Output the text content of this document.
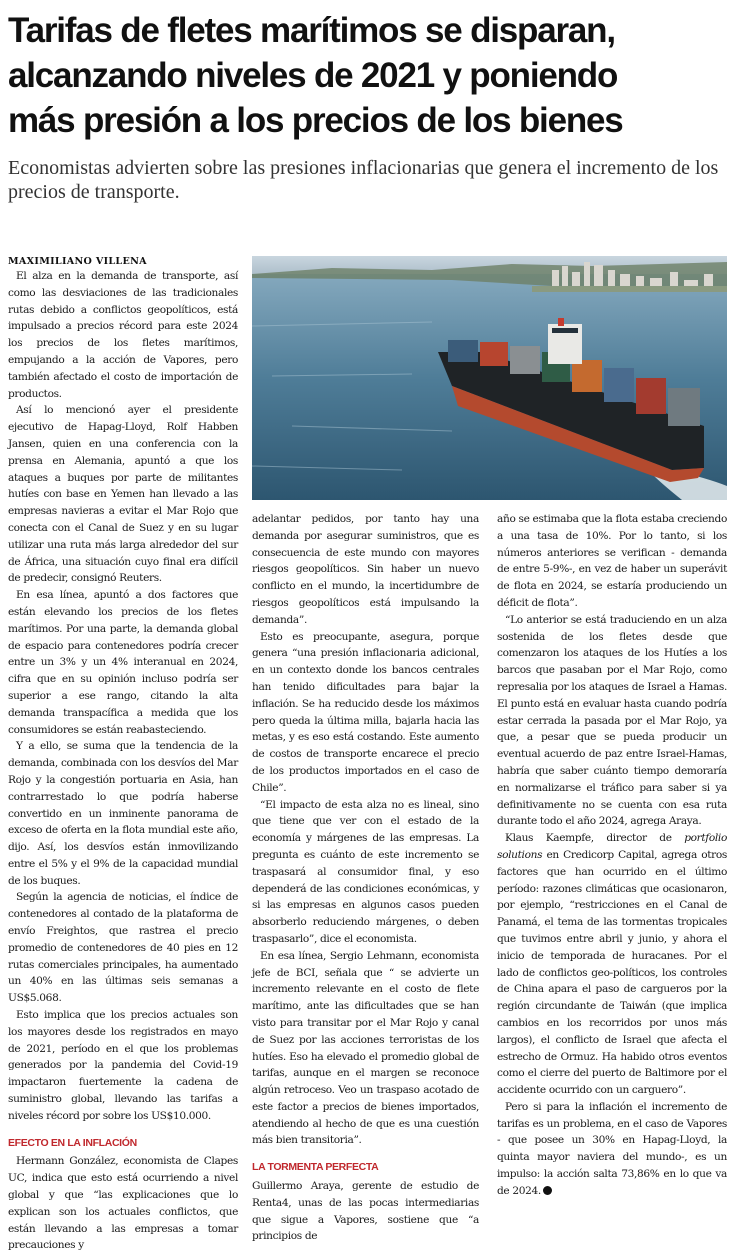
Tarifas de fletes marítimos se disparan,
alcanzando niveles de 2021 y poniendo
más presión a los precios de los bienes
Economistas advierten sobre las presiones inflacionarias que genera el incremento de los precios de transporte.
MAXIMILIANO VILLENA

El alza en la demanda de transporte, así como las desviaciones de las tradicionales rutas debido a conflictos geopolíticos, está impulsado a precios récord para este 2024 los precios de los fletes marítimos, empujando a la acción de Vapores, pero también afectado el costo de importación de productos.

Así lo mencionó ayer el presidente ejecutivo de Hapag-Lloyd, Rolf Habben Jansen, quien en una conferencia con la prensa en Alemania, apuntó a que los ataques a buques por parte de militantes hutíes con base en Yemen han llevado a las empresas navieras a evitar el Mar Rojo que conecta con el Canal de Suez y en su lugar utilizar una ruta más larga alrededor del sur de África, una situación cuyo final era difícil de predecir, consignó Reuters.

En esa línea, apuntó a dos factores que están elevando los precios de los fletes marítimos. Por una parte, la demanda global de espacio para contenedores podría crecer entre un 3% y un 4% interanual en 2024, cifra que en su opinión incluso podría ser superior a ese rango, citando la alta demanda transpacífica a medida que los consumidores se están reabasteciendo.

Y a ello, se suma que la tendencia de la demanda, combinada con los desvíos del Mar Rojo y la congestión portuaria en Asia, han contrarrestado lo que podría haberse convertido en un inminente panorama de exceso de oferta en la flota mundial este año, dijo. Así, los desvíos están inmovilizando entre el 5% y el 9% de la capacidad mundial de los buques.

Según la agencia de noticias, el índice de contenedores al contado de la plataforma de envío Freightos, que rastrea el precio promedio de contenedores de 40 pies en 12 rutas comerciales principales, ha aumentado un 40% en las últimas seis semanas a US$5.068.

Esto implica que los precios actuales son los mayores desde los registrados en mayo de 2021, período en el que los problemas generados por la pandemia del Covid-19 impactaron fuertemente la cadena de suministro global, llevando las tarifas a niveles récord por sobre los US$10.000.

EFECTO EN LA INFLACIÓN

Hermann González, economista de Clapes UC, indica que esto está ocurriendo a nivel global y que “las explicaciones que lo explican son los actuales conflictos, que están llevando a las empresas a tomar precauciones y

adelantar pedidos, por tanto hay una demanda por asegurar suministros, que es consecuencia de este mundo con mayores riesgos geopolíticos. Sin haber un nuevo conflicto en el mundo, la incertidumbre de riesgos geopolíticos está impulsando la demanda”.

Esto es preocupante, asegura, porque genera “una presión inflacionaria adicional, en un contexto donde los bancos centrales han tenido dificultades para bajar la inflación. Se ha reducido desde los máximos pero queda la última milla, bajarla hacia las metas, y es eso está costando. Este aumento de costos de transporte encarece el precio de los productos importados en el caso de Chile”.

“El impacto de esta alza no es lineal, sino que tiene que ver con el estado de la economía y márgenes de las empresas. La pregunta es cuánto de este incremento se traspasará al consumidor final, y eso dependerá de las condiciones económicas, y si las empresas en algunos casos pueden absorberlo reduciendo márgenes, o deben traspasarlo”, dice el economista.

En esa línea, Sergio Lehmann, economista jefe de BCI, señala que “ se advierte un incremento relevante en el costo de flete marítimo, ante las dificultades que se han visto para transitar por el Mar Rojo y canal de Suez por las acciones terroristas de los hutíes. Eso ha elevado el promedio global de tarifas, aunque en el margen se reconoce algún retroceso. Veo un traspaso acotado de este factor a precios de bienes importados, atendiendo al hecho de que es una cuestión más bien transitoria”.

LA TORMENTA PERFECTA

Guillermo Araya, gerente de estudio de Renta4, unas de las pocas intermediarias que sigue a Vapores, sostiene que “a principios de

año se estimaba que la flota estaba creciendo a una tasa de 10%. Por lo tanto, si los números anteriores se verifican - demanda de entre 5-9%-, en vez de haber un superávit de flota en 2024, se estaría produciendo un déficit de flota”.

“Lo anterior se está traduciendo en un alza sostenida de los fletes desde que comenzaron los ataques de los Hutíes a los barcos que pasaban por el Mar Rojo, como represalia por los ataques de Israel a Hamas. El punto está en evaluar hasta cuando podría estar cerrada la pasada por el Mar Rojo, ya que, a pesar que se pueda producir un eventual acuerdo de paz entre Israel-Hamas, habría que saber cuánto tiempo demoraría en normalizarse el tráfico para saber si ya definitivamente no se cuenta con esa ruta durante todo el año 2024, agrega Araya.

Klaus Kaempfe, director de portfolio solutions en Credicorp Capital, agrega otros factores que han ocurrido en el último período: razones climáticas que ocasionaron, por ejemplo, “restricciones en el Canal de Panamá, el tema de las tormentas tropicales que tuvimos entre abril y junio, y ahora el inicio de temporada de huracanes. Por el lado de conflictos geo-políticos, los controles de China apara el paso de cargueros por la región circundante de Taiwán (que implica cambios en los recorridos por unos más largos), el conflicto de Israel que afecta el estrecho de Ormuz. Ha habido otros eventos como el cierre del puerto de Baltimore por el accidente ocurrido con un carguero”.

Pero si para la inflación el incremento de tarifas es un problema, en el caso de Vapores - que posee un 30% en Hapag-Lloyd, la quinta mayor naviera del mundo-, es un impulso: la acción salta 73,86% en lo que va de 2024.
